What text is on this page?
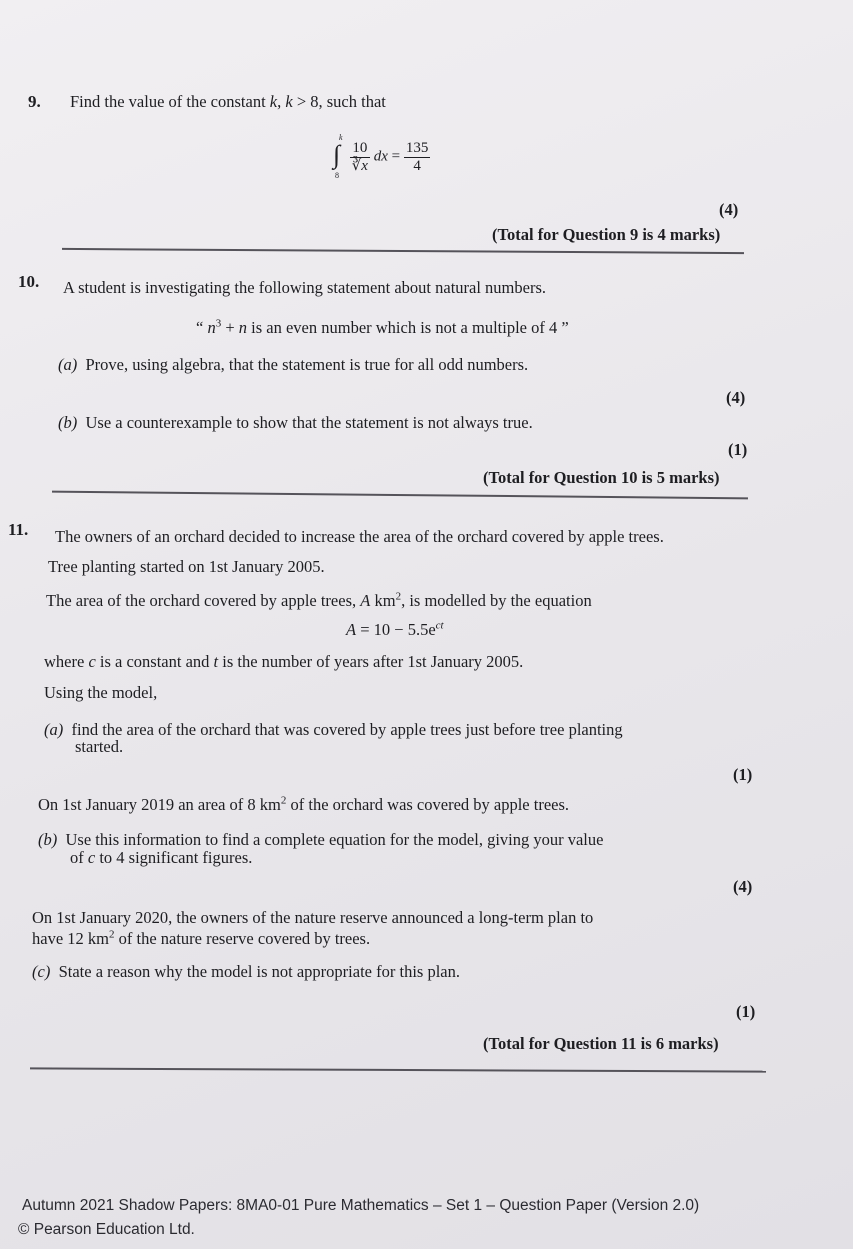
9. Find the value of the constant k, k > 8, such that
∫
k
8

$\frac{10}{∛x}$ dx = $\frac{135}{4}$
(4)
(Total for Question 9 is 4 marks)
10. A student is investigating the following statement about natural numbers.
“ $n^3 + n$ is an even number which is not a multiple of 4 ”
(a) Prove, using algebra, that the statement is true for all odd numbers.
(4)
(b) Use a counterexample to show that the statement is not always true.
(1)
(Total for Question 10 is 5 marks)
11. The owners of an orchard decided to increase the area of the orchard covered by apple trees.
Tree planting started on 1st January 2005.
The area of the orchard covered by apple trees, A $km^2$, is modelled by the equation
$A = 10 - 5.5e^{ct}$
where c is a constant and t is the number of years after 1st January 2005.
Using the model,
(a) find the area of the orchard that was covered by apple trees just before tree planting
started.
(1)
On 1st January 2019 an area of 8 $km^2$ of the orchard was covered by apple trees.
(b) Use this information to find a complete equation for the model, giving your value
of c to 4 significant figures.
(4)
On 1st January 2020, the owners of the nature reserve announced a long-term plan to
have 12 $km^2$ of the nature reserve covered by trees.
(c) State a reason why the model is not appropriate for this plan.
(1)
(Total for Question 11 is 6 marks)
Autumn 2021 Shadow Papers: 8MA0-01 Pure Mathematics – Set 1 – Question Paper (Version 2.0)
© Pearson Education Ltd.
